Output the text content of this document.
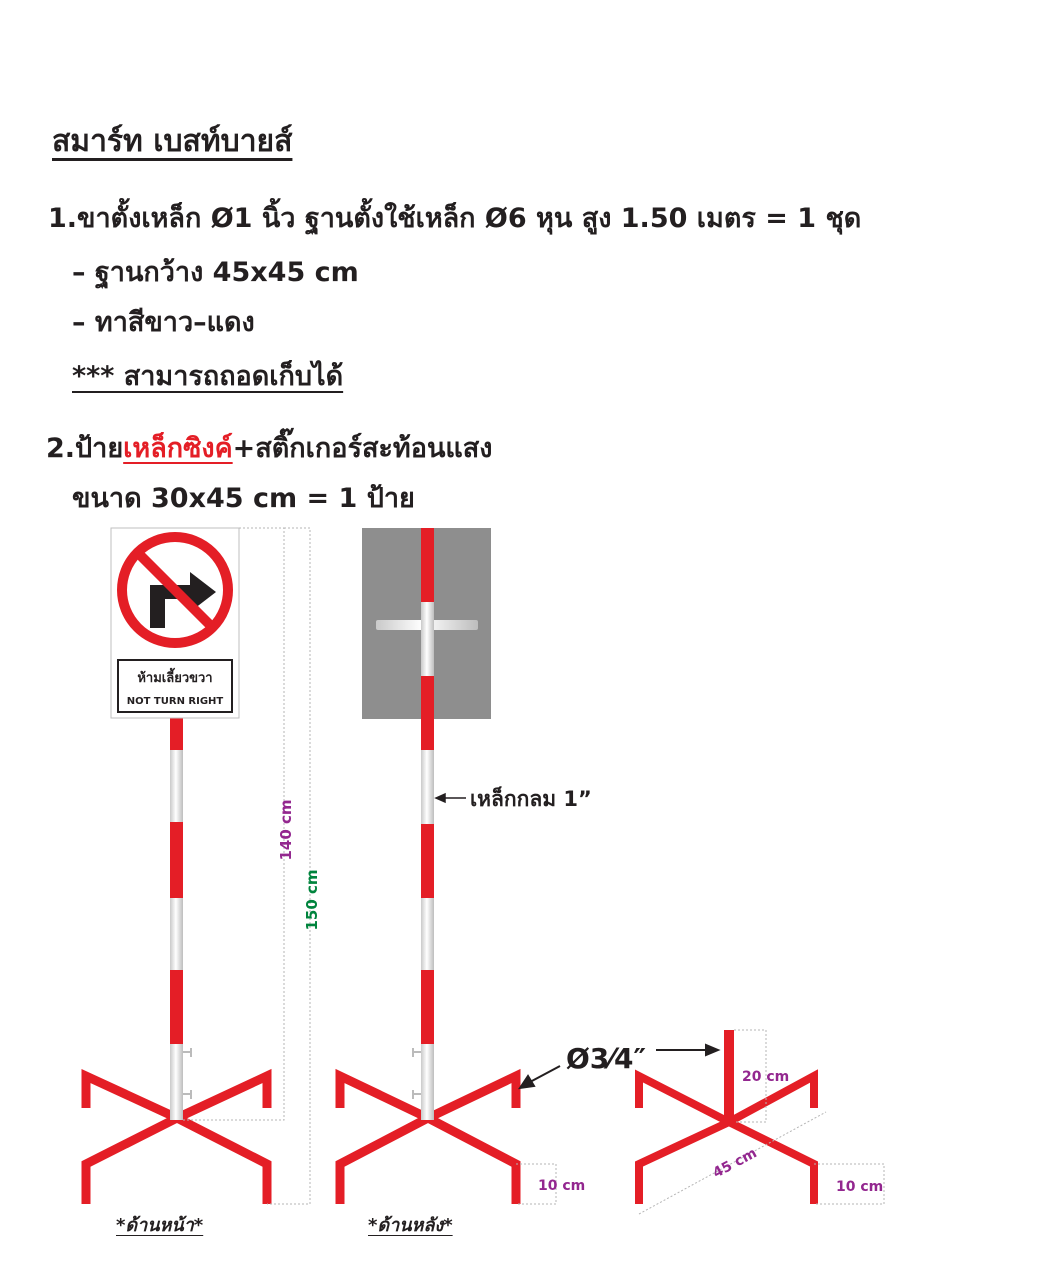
สมาร์ท เบสท์บายส์
1.ขาตั้งเหล็ก Ø1 นิ้ว ฐานตั้งใช้เหล็ก Ø6 หุน สูง 1.50 เมตร = 1 ชุด
– ฐานกว้าง 45x45 cm
– ทาสีขาว–แดง
*** สามารถถอดเก็บได้
2.ป้ายเหล็กซิงค์+สติ๊กเกอร์สะท้อนแสง
ขนาด 30x45 cm = 1 ป้าย
ห้ามเลี้ยวขวา
NOT TURN RIGHT
140 cm
150 cm
เหล็กกลม 1”
10 cm
Ø3⁄4″
20 cm
45 cm
10 cm
*ด้านหน้า*	*ด้านหลัง*
